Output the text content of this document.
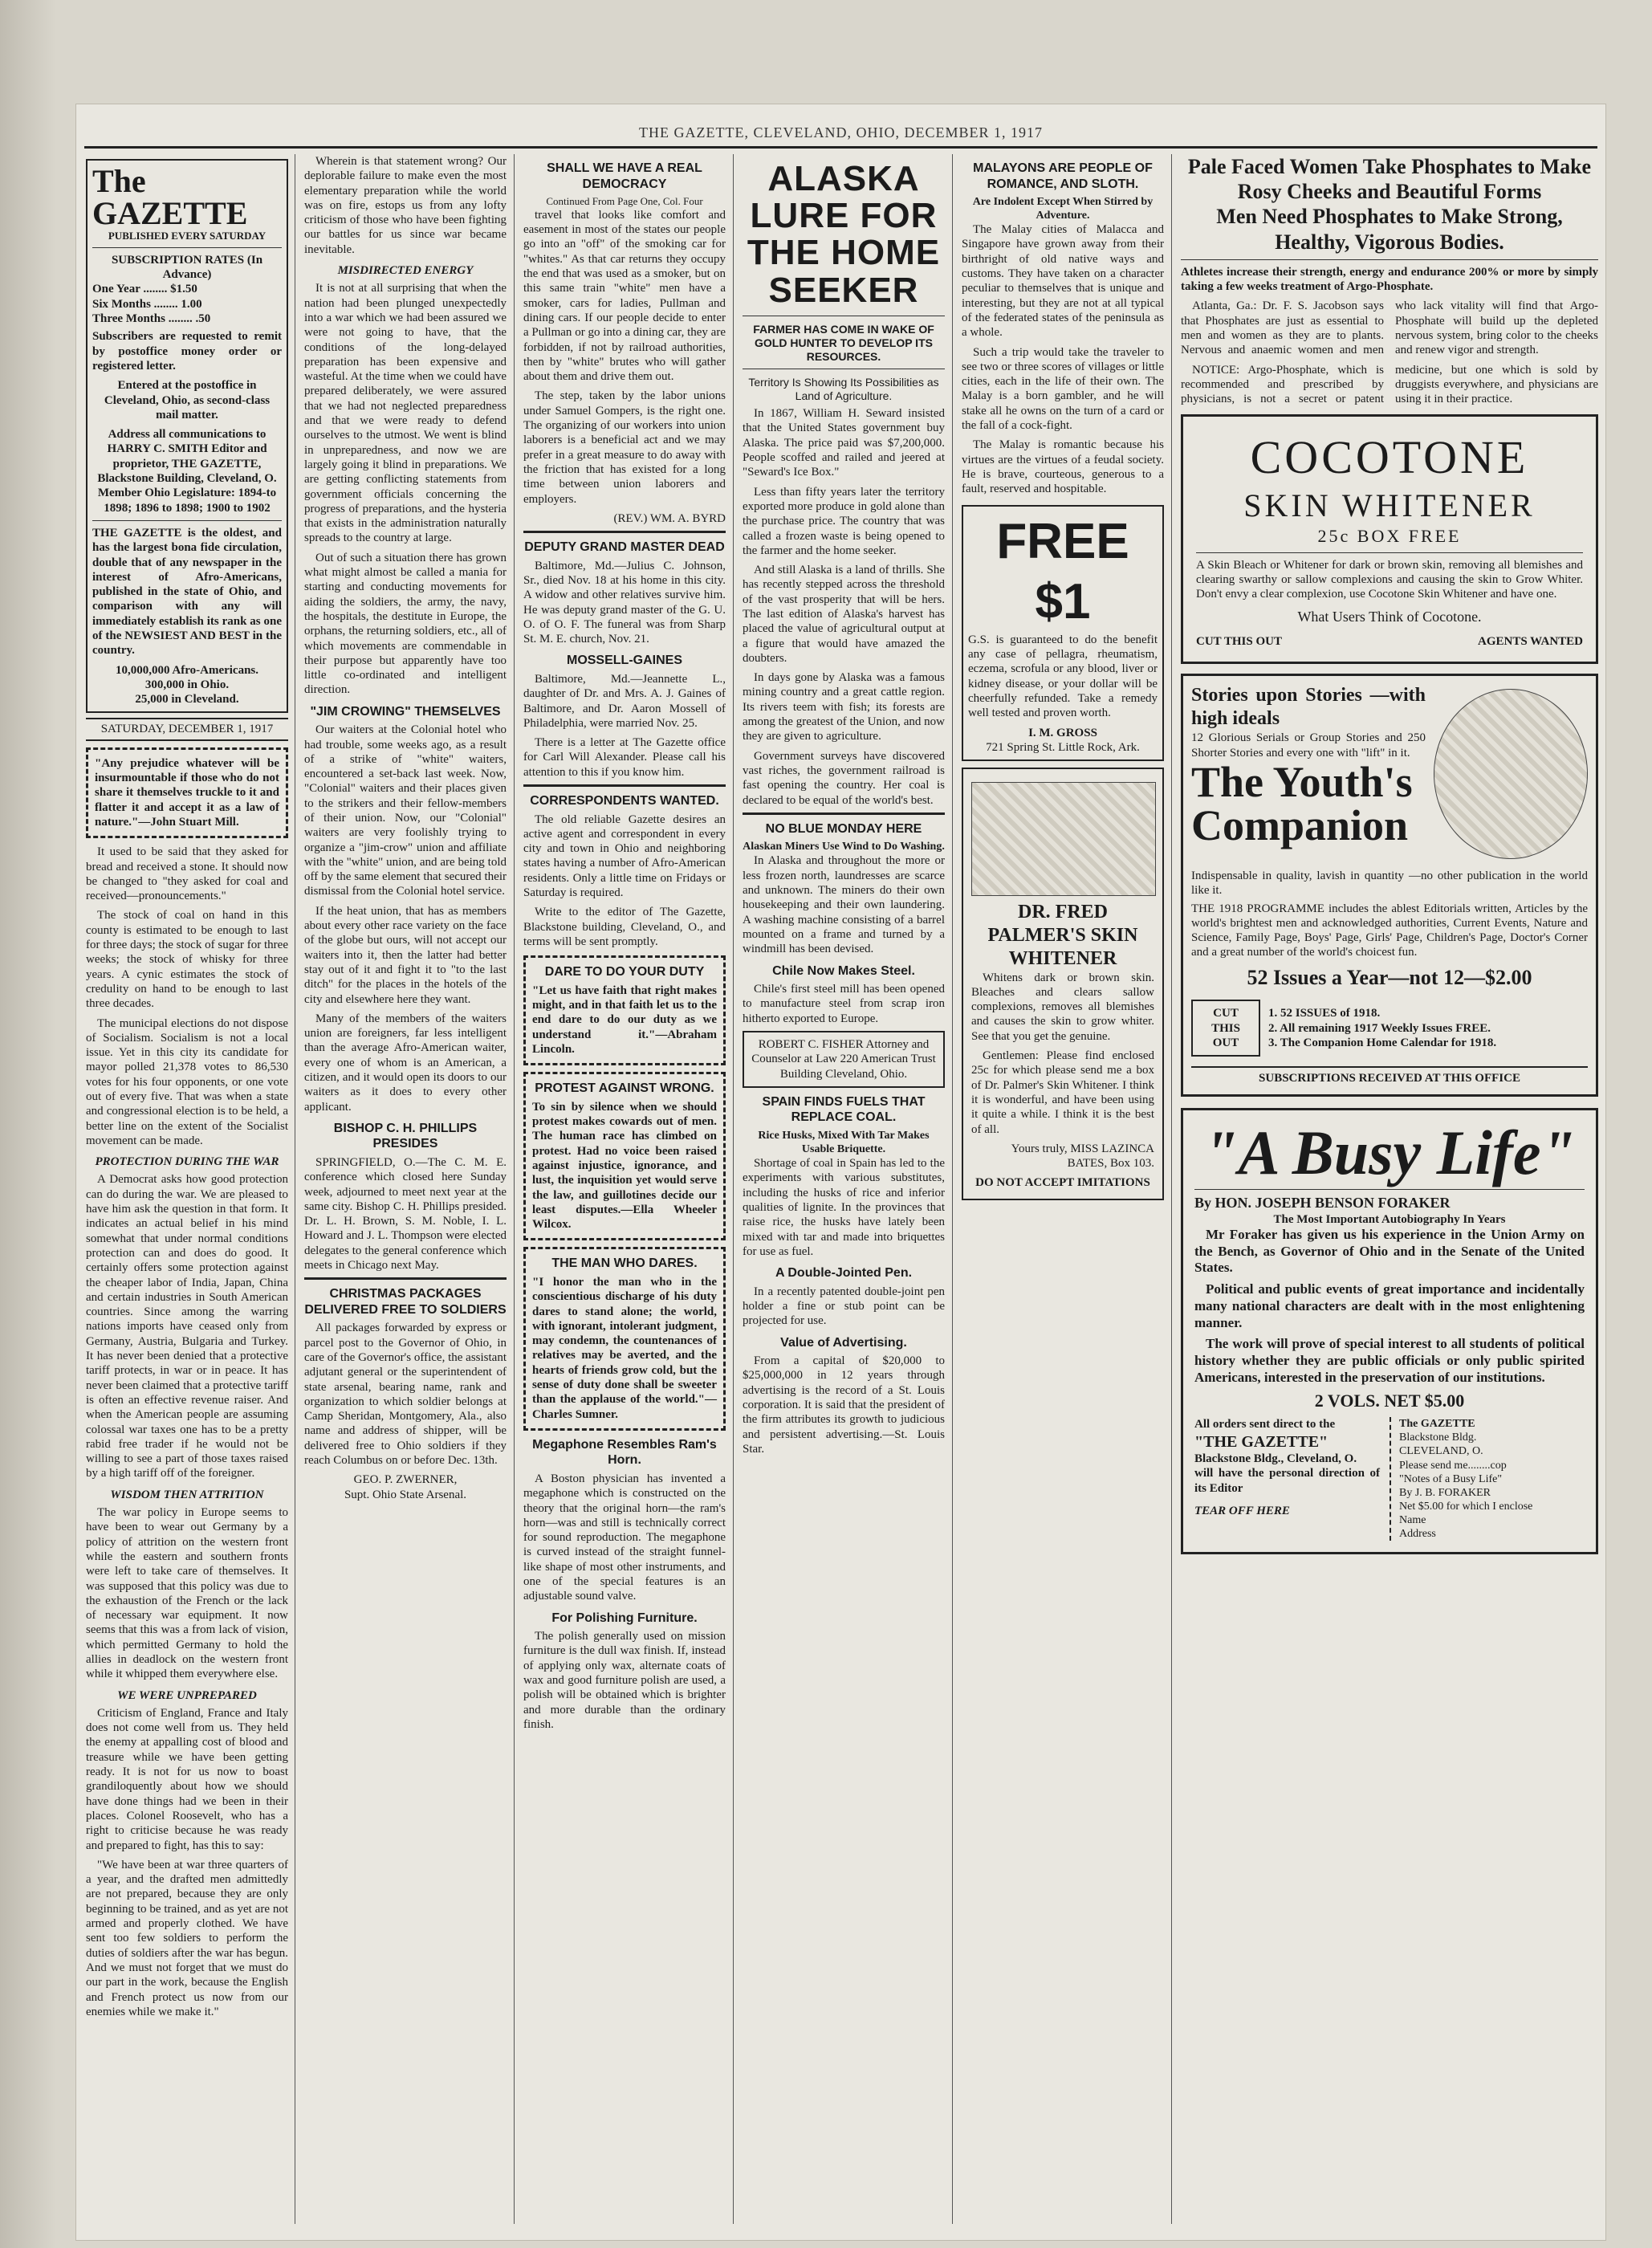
THE GAZETTE, CLEVELAND, OHIO, DECEMBER 1, 1917
The GAZETTE
PUBLISHED EVERY SATURDAY
SUBSCRIPTION RATES (In Advance)
One Year ........ $1.50
Six Months ........ 1.00
Three Months ........ .50
Subscribers are requested to remit by postoffice money order or registered letter.
Entered at the postoffice in Cleveland, Ohio, as second-class mail matter.
Address all communications to HARRY C. SMITH Editor and proprietor, THE GAZETTE, Blackstone Building, Cleveland, O. Member Ohio Legislature: 1894-to 1898; 1896 to 1898; 1900 to 1902
THE GAZETTE is the oldest, and has the largest bona fide circulation, double that of any newspaper in the interest of Afro-Americans, published in the state of Ohio, and comparison with any will immediately establish its rank as one of the NEWSIEST AND BEST in the country.
10,000,000 Afro-Americans.
300,000 in Ohio.
25,000 in Cleveland.
SATURDAY, DECEMBER 1, 1917
"Any prejudice whatever will be insurmountable if those who do not share it themselves truckle to it and flatter it and accept it as a law of nature."—John Stuart Mill.

It used to be said that they asked for bread and received a stone. It should now be changed to "they asked for coal and received—pronouncements."

The stock of coal on hand in this county is estimated to be enough to last for three days; the stock of sugar for three weeks; the stock of whisky for three years. A cynic estimates the stock of credulity on hand to be enough to last three decades.

The municipal elections do not dispose of Socialism. Socialism is not a local issue. Yet in this city its candidate for mayor polled 21,378 votes to 86,530 votes for his four opponents, or one vote out of every five. That was when a state and congressional election is to be held, a better line on the extent of the Socialist movement can be made.

PROTECTION DURING THE WAR

A Democrat asks how good protection can do during the war. We are pleased to have him ask the question in that form. It indicates an actual belief in his mind somewhat that under normal conditions protection can and does do good. It certainly offers some protection against the cheaper labor of India, Japan, China and certain industries in South American countries. Since among the warring nations imports have ceased only from Germany, Austria, Bulgaria and Turkey. It has never been denied that a protective tariff protects, in war or in peace. It has never been claimed that a protective tariff is often an effective revenue raiser. And when the American people are assuming colossal war taxes one has to be a pretty rabid free trader if he would not be willing to see a part of those taxes raised by a high tariff off of the foreigner.

WISDOM THEN ATTRITION

The war policy in Europe seems to have been to wear out Germany by a policy of attrition on the western front while the eastern and southern fronts were left to take care of themselves. It was supposed that this policy was due to the exhaustion of the French or the lack of necessary war equipment. It now seems that this was a from lack of vision, which permitted Germany to hold the allies in deadlock on the western front while it whipped them everywhere else.

WE WERE UNPREPARED

Criticism of England, France and Italy does not come well from us. They held the enemy at appalling cost of blood and treasure while we have been getting ready. It is not for us now to boast grandiloquently about how we should have done things had we been in their places. Colonel Roosevelt, who has a right to criticise because he was ready and prepared to fight, has this to say:

"We have been at war three quarters of a year, and the drafted men admittedly are not prepared, because they are only beginning to be trained, and as yet are not armed and properly clothed. We have sent too few soldiers to perform the duties of soldiers after the war has begun. And we must not forget that we must do our part in the work, because the English and French protect us now from our enemies while we make it."

Wherein is that statement wrong? Our deplorable failure to make even the most elementary preparation while the world was on fire, estops us from any lofty criticism of those who have been fighting our battles for us since war became inevitable.

MISDIRECTED ENERGY

It is not at all surprising that when the nation had been plunged unexpectedly into a war which we had been assured we were not going to have, that the conditions of the long-delayed preparation has been expensive and wasteful. At the time when we could have prepared deliberately, we were assured that we had not neglected preparedness and that we were ready to defend ourselves to the utmost. We went is blind in unpreparedness, and now we are largely going it blind in preparations. We are getting conflicting statements from government officials concerning the progress of preparations, and the hysteria that exists in the administration naturally spreads to the country at large.

Out of such a situation there has grown what might almost be called a mania for starting and conducting movements for aiding the soldiers, the army, the navy, the hospitals, the destitute in Europe, the orphans, the returning soldiers, etc., all of which movements are commendable in their purpose but apparently have too little co-ordinated and intelligent direction.

"JIM CROWING" THEMSELVES

Our waiters at the Colonial hotel who had trouble, some weeks ago, as a result of a strike of "white" waiters, encountered a set-back last week. Now, "Colonial" waiters and their places given to the strikers and their fellow-members of their union. Now, our "Colonial" waiters are very foolishly trying to organize a "jim-crow" union and affiliate with the "white" union, and are being told off by the same element that secured their dismissal from the Colonial hotel service.

If the heat union, that has as members about every other race variety on the face of the globe but ours, will not accept our waiters into it, then the latter had better stay out of it and fight it to "to the last ditch" for the places in the hotels of the city and elsewhere here they want.

Many of the members of the waiters union are foreigners, far less intelligent than the average Afro-American waiter, every one of whom is an American, a citizen, and it would open its doors to our waiters as it does to every other applicant.

BISHOP C. H. PHILLIPS PRESIDES

SPRINGFIELD, O.—The C. M. E. conference which closed here Sunday week, adjourned to meet next year at the same city. Bishop C. H. Phillips presided. Dr. L. H. Brown, S. M. Noble, I. L. Howard and J. L. Thompson were elected delegates to the general conference which meets in Chicago next May.

CHRISTMAS PACKAGES DELIVERED FREE TO SOLDIERS

All packages forwarded by express or parcel post to the Governor of Ohio, in care of the Governor's office, the assistant adjutant general or the superintendent of state arsenal, bearing name, rank and organization to which soldier belongs at Camp Sheridan, Montgomery, Ala., also name and address of shipper, will be delivered free to Ohio soldiers if they reach Columbus on or before Dec. 13th.

GEO. P. ZWERNER,
Supt. Ohio State Arsenal.
SHALL WE HAVE A REAL DEMOCRACY
Continued From Page One, Col. Four

travel that looks like comfort and easement in most of the states our people go into an "off" of the smoking car for "whites." As that car returns they occupy the end that was used as a smoker, but on this same train "white" men have a smoker, cars for ladies, Pullman and dining cars. If our people decide to enter a Pullman or go into a dining car, they are forbidden, if not by railroad authorities, then by "white" brutes who will gather about them and drive them out.

The step, taken by the labor unions under Samuel Gompers, is the right one. The organizing of our workers into union laborers is a beneficial act and we may prefer in a great measure to do away with the friction that has existed for a long time between union laborers and employers.

(REV.) WM. A. BYRD
DEPUTY GRAND MASTER DEAD

Baltimore, Md.—Julius C. Johnson, Sr., died Nov. 18 at his home in this city. A widow and other relatives survive him. He was deputy grand master of the G. U. O. of O. F. The funeral was from Sharp St. M. E. church, Nov. 21.

MOSSELL-GAINES

Baltimore, Md.—Jeannette L., daughter of Dr. and Mrs. A. J. Gaines of Baltimore, and Dr. Aaron Mossell of Philadelphia, were married Nov. 25.

There is a letter at The Gazette office for Carl Will Alexander. Please call his attention to this if you know him.

CORRESPONDENTS WANTED.

The old reliable Gazette desires an active agent and correspondent in every city and town in Ohio and neighboring states having a number of Afro-American residents. Only a little time on Fridays or Saturday is required.

Write to the editor of The Gazette, Blackstone building, Cleveland, O., and terms will be sent promptly.

DARE TO DO YOUR DUTY
"Let us have faith that right makes might, and in that faith let us to the end dare to do our duty as we understand it."—Abraham Lincoln.
PROTEST AGAINST WRONG.
To sin by silence when we should protest makes cowards out of men. The human race has climbed on protest. Had no voice been raised against injustice, ignorance, and lust, the inquisition yet would serve the law, and guillotines decide our least disputes.—Ella Wheeler Wilcox.
THE MAN WHO DARES.
"I honor the man who in the conscientious discharge of his duty dares to stand alone; the world, with ignorant, intolerant judgment, may condemn, the countenances of relatives may be averted, and the hearts of friends grow cold, but the sense of duty done shall be sweeter than the applause of the world."—Charles Sumner.
Megaphone Resembles Ram's Horn.

A Boston physician has invented a megaphone which is constructed on the theory that the original horn—the ram's horn—was and still is technically correct for sound reproduction. The megaphone is curved instead of the straight funnel-like shape of most other instruments, and one of the special features is an adjustable sound valve.

For Polishing Furniture.

The polish generally used on mission furniture is the dull wax finish. If, instead of applying only wax, alternate coats of wax and good furniture polish are used, a polish will be obtained which is brighter and more durable than the ordinary finish.

ALASKA LURE FOR THE HOME SEEKER
FARMER HAS COME IN WAKE OF GOLD HUNTER TO DEVELOP ITS RESOURCES.
Territory Is Showing Its Possibilities as Land of Agriculture.

In 1867, William H. Seward insisted that the United States government buy Alaska. The price paid was $7,200,000. People scoffed and railed and jeered at "Seward's Ice Box."

Less than fifty years later the territory exported more produce in gold alone than the purchase price. The country that was called a frozen waste is being opened to the farmer and the home seeker.

And still Alaska is a land of thrills. She has recently stepped across the threshold of the vast prosperity that will be hers. The last edition of Alaska's harvest has placed the value of agricultural output at a figure that would have amazed the doubters.

In days gone by Alaska was a famous mining country and a great cattle region. Its rivers teem with fish; its forests are among the greatest of the Union, and now they are given to agriculture.

Government surveys have discovered vast riches, the government railroad is fast opening the country. Her coal is declared to be equal of the world's best.

NO BLUE MONDAY HERE
Alaskan Miners Use Wind to Do Washing.

In Alaska and throughout the more or less frozen north, laundresses are scarce and unknown. The miners do their own housekeeping and their own laundering. A washing machine consisting of a barrel mounted on a frame and turned by a windmill has been devised.

Chile Now Makes Steel.

Chile's first steel mill has been opened to manufacture steel from scrap iron hitherto exported to Europe.

ROBERT C. FISHER Attorney and Counselor at Law 220 American Trust Building Cleveland, Ohio.
SPAIN FINDS FUELS THAT REPLACE COAL.
Rice Husks, Mixed With Tar Makes Usable Briquette.

Shortage of coal in Spain has led to the experiments with various substitutes, including the husks of rice and inferior qualities of lignite. In the provinces that raise rice, the husks have lately been mixed with tar and made into briquettes for use as fuel.

A Double-Jointed Pen.

In a recently patented double-joint pen holder a fine or stub point can be projected for use.

Value of Advertising.

From a capital of $20,000 to $25,000,000 in 12 years through advertising is the record of a St. Louis corporation. It is said that the president of the firm attributes its growth to judicious and persistent advertising.—St. Louis Star.

MALAYONS ARE PEOPLE OF ROMANCE, AND SLOTH.
Are Indolent Except When Stirred by Adventure.

The Malay cities of Malacca and Singapore have grown away from their birthright of old native ways and customs. They have taken on a character peculiar to themselves that is unique and interesting, but they are not at all typical of the federated states of the peninsula as a whole.

Such a trip would take the traveler to see two or three scores of villages or little cities, each in the life of their own. The Malay is a born gambler, and he will stake all he owns on the turn of a card or the fall of a cock-fight.

The Malay is romantic because his virtues are the virtues of a feudal society. He is brave, courteous, generous to a fault, reserved and hospitable.

FREE $1
G.S. is guaranteed to do the benefit any case of pellagra, rheumatism, eczema, scrofula or any blood, liver or kidney disease, or your dollar will be cheerfully refunded. Take a remedy well tested and proven worth.
I. M. GROSS
721 Spring St. Little Rock, Ark.
DR. FRED PALMER'S SKIN WHITENER

Whitens dark or brown skin. Bleaches and clears sallow complexions, removes all blemishes and causes the skin to grow whiter. See that you get the genuine.

Gentlemen: Please find enclosed 25c for which please send me a box of Dr. Palmer's Skin Whitener. I think it is wonderful, and have been using it quite a while. I think it is the best of all.

Yours truly, MISS LAZINCA BATES, Box 103.
DO NOT ACCEPT IMITATIONS
Pale Faced Women Take Phosphates to Make Rosy Cheeks and Beautiful Forms
Men Need Phosphates to Make Strong, Healthy, Vigorous Bodies.
Athletes increase their strength, energy and endurance 200% or more by simply taking a few weeks treatment of Argo-Phosphate.

Atlanta, Ga.: Dr. F. S. Jacobson says that Phosphates are just as essential to men and women as they are to plants. Nervous and anaemic women and men who lack vitality will find that Argo-Phosphate will build up the depleted nervous system, bring color to the cheeks and renew vigor and strength.

NOTICE: Argo-Phosphate, which is recommended and prescribed by physicians, is not a secret or patent medicine, but one which is sold by druggists everywhere, and physicians are using it in their practice.

COCOTONE
SKIN WHITENER
25c BOX FREE
A Skin Bleach or Whitener for dark or brown skin, removing all blemishes and clearing swarthy or sallow complexions and causing the skin to Grow Whiter. Don't envy a clear complexion, use Cocotone Skin Whitener and have one.
What Users Think of Cocotone.
CUT THIS OUT	AGENTS WANTED
Stories upon Stories —with high ideals
12 Glorious Serials or Group Stories and 250 Shorter Stories and every one with "lift" in it.
The Youth's
Companion
Indispensable in quality, lavish in quantity —no other publication in the world like it.
THE 1918 PROGRAMME includes the ablest Editorials written, Articles by the world's brightest men and acknowledged authorities, Current Events, Nature and Science, Family Page, Boys' Page, Girls' Page, Children's Page, Doctor's Corner and a great number of the world's choicest fun.
52 Issues a Year—not 12—$2.00
CUT THIS OUT
1. 52 ISSUES of 1918.
2. All remaining 1917 Weekly Issues FREE.
3. The Companion Home Calendar for 1918.
SUBSCRIPTIONS RECEIVED AT THIS OFFICE
"A Busy Life"
By HON. JOSEPH BENSON FORAKER
The Most Important Autobiography In Years

Mr Foraker has given us his experience in the Union Army on the Bench, as Governor of Ohio and in the Senate of the United States.

Political and public events of great importance and incidentally many national characters are dealt with in the most enlightening manner.

The work will prove of special interest to all students of political history whether they are public officials or only public spirited Americans, interested in the preservation of our institutions.

2 VOLS. NET $5.00
All orders sent direct to the
"THE GAZETTE"
Blackstone Bldg., Cleveland, O.
will have the personal direction of its Editor
TEAR OFF HERE
The GAZETTE
Blackstone Bldg.
CLEVELAND, O.
Please send me........cop
"Notes of a Busy Life"
By J. B. FORAKER
Net $5.00 for which I enclose
Name
Address
